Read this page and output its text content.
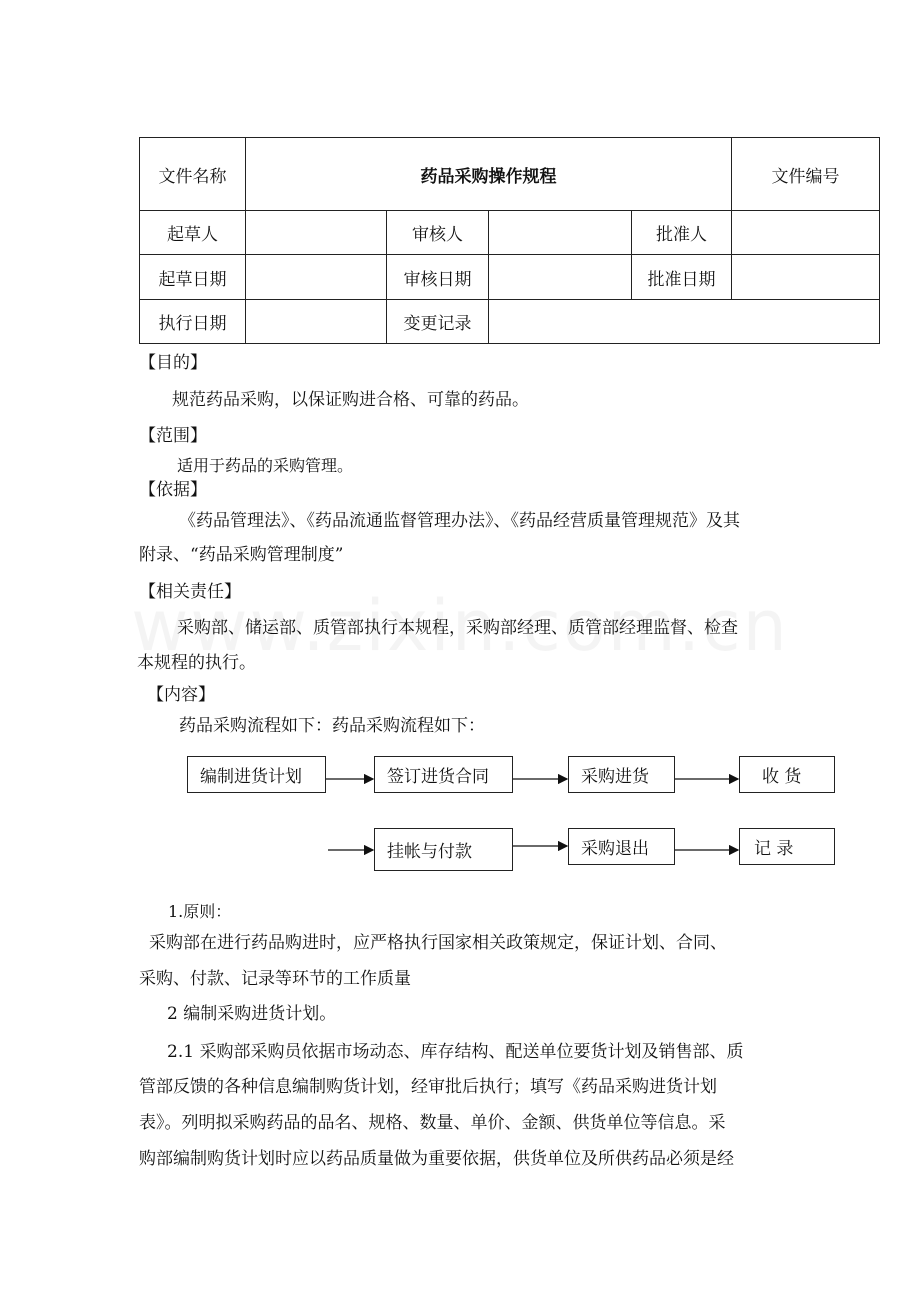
文件名称	药品采购操作规程				文件编号	
起草人		审核人		批准人		
起草日期		审核日期		批准日期		
执行日期		变更记录				
【目的】
规范药品采购，以保证购进合格、可靠的药品。
【范围】
适用于药品的采购管理。
【依据】
《药品管理法》、《药品流通监督管理办法》、《药品经营质量管理规范》及其
附录、“药品采购管理制度”
【相关责任】
采购部、储运部、质管部执行本规程，采购部经理、质管部经理监督、检查
本规程的执行。
【内容】
药品采购流程如下：药品采购流程如下：
编制进货计划	签订进货合同	采购进货	收 货
挂帐与付款	采购退出	记 录
1.原则：
采购部在进行药品购进时，应严格执行国家相关政策规定，保证计划、合同、
采购、付款、记录等环节的工作质量
2 编制采购进货计划。
2.1 采购部采购员依据市场动态、库存结构、配送单位要货计划及销售部、质
管部反馈的各种信息编制购货计划，经审批后执行；填写《药品采购进货计划
表》。列明拟采购药品的品名、规格、数量、单价、金额、供货单位等信息。采
购部编制购货计划时应以药品质量做为重要依据，供货单位及所供药品必须是经
